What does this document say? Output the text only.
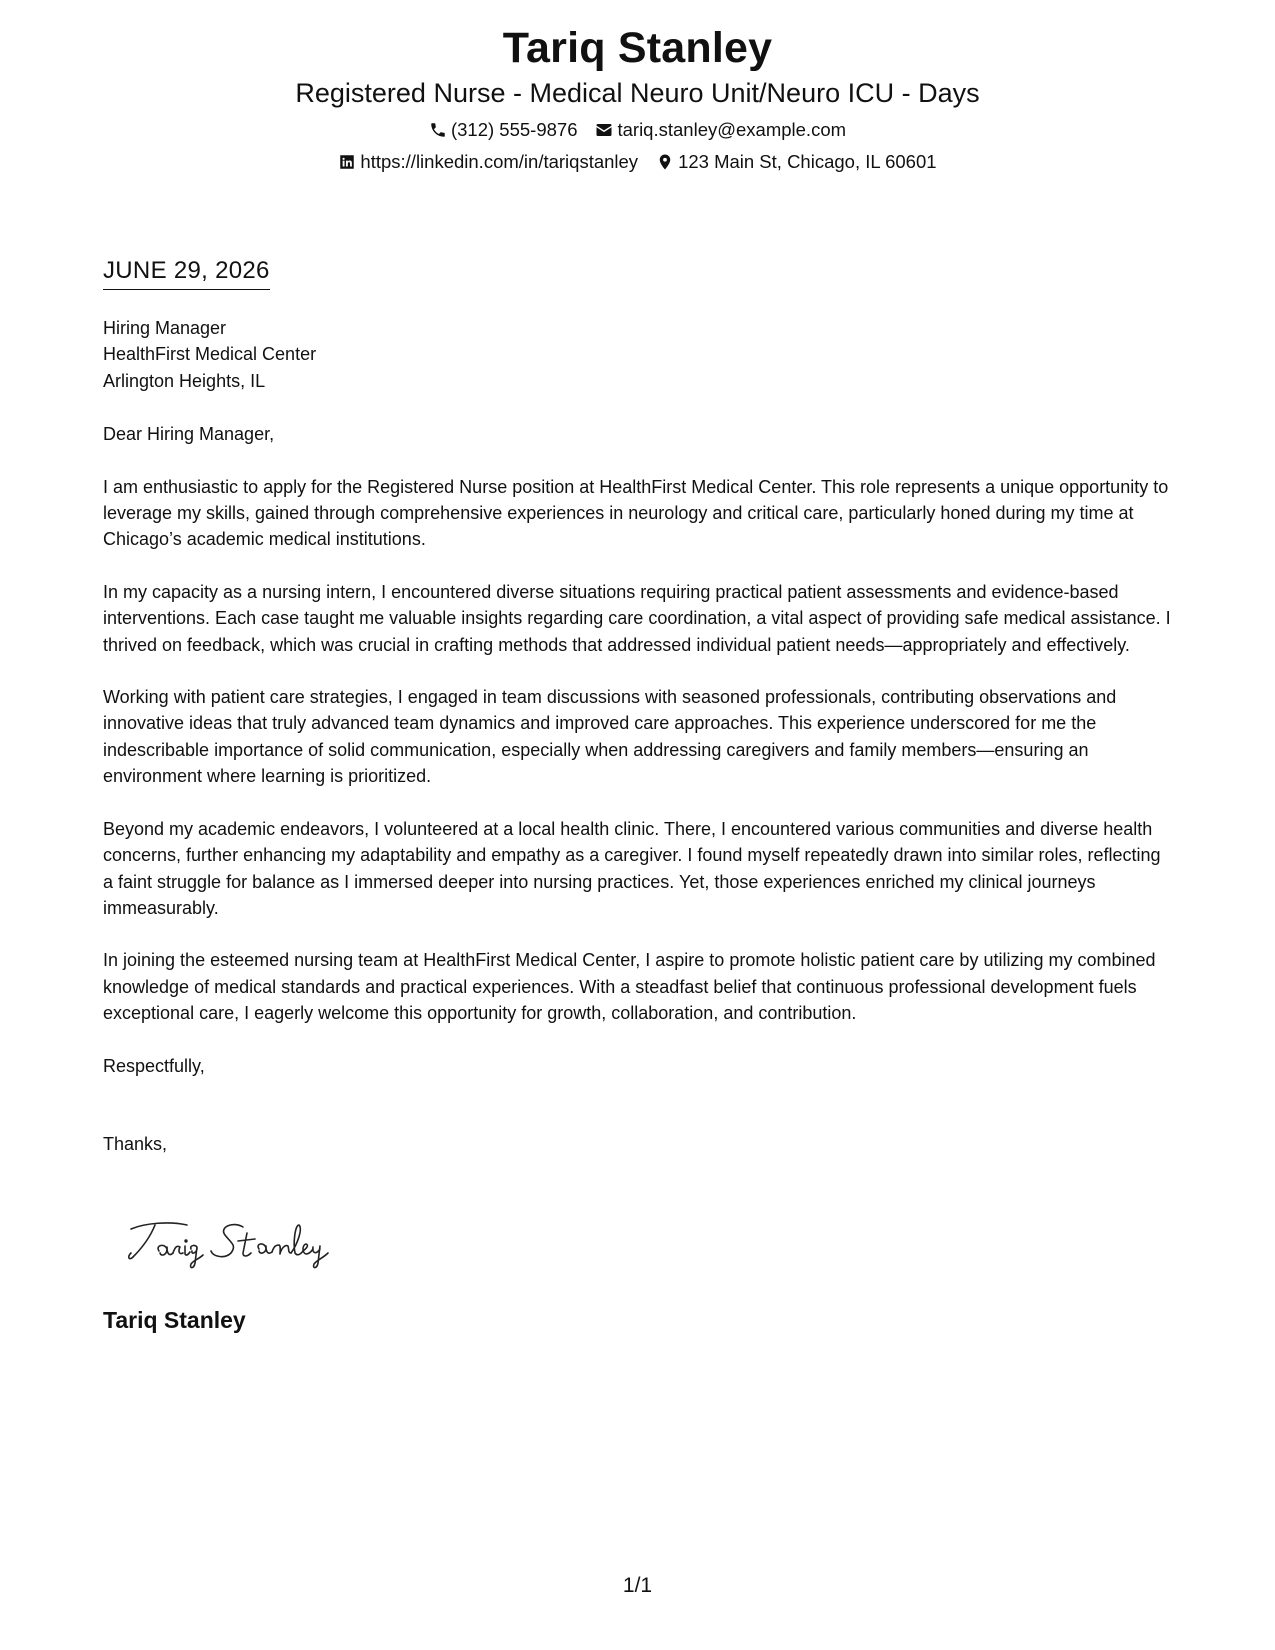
Tariq Stanley
Registered Nurse - Medical Neuro Unit/Neuro ICU - Days
(312) 555-9876 tariq.stanley@example.com
https://linkedin.com/in/tariqstanley 123 Main St, Chicago, IL 60601
JUNE 29, 2026
Hiring Manager
HealthFirst Medical Center
Arlington Heights, IL
Dear Hiring Manager,
I am enthusiastic to apply for the Registered Nurse position at HealthFirst Medical Center. This role represents a unique opportunity to leverage my skills, gained through comprehensive experiences in neurology and critical care, particularly honed during my time at Chicago’s academic medical institutions.
In my capacity as a nursing intern, I encountered diverse situations requiring practical patient assessments and evidence-based interventions. Each case taught me valuable insights regarding care coordination, a vital aspect of providing safe medical assistance. I thrived on feedback, which was crucial in crafting methods that addressed individual patient needs—appropriately and effectively.
Working with patient care strategies, I engaged in team discussions with seasoned professionals, contributing observations and innovative ideas that truly advanced team dynamics and improved care approaches. This experience underscored for me the indescribable importance of solid communication, especially when addressing caregivers and family members—ensuring an environment where learning is prioritized.
Beyond my academic endeavors, I volunteered at a local health clinic. There, I encountered various communities and diverse health concerns, further enhancing my adaptability and empathy as a caregiver. I found myself repeatedly drawn into similar roles, reflecting a faint struggle for balance as I immersed deeper into nursing practices. Yet, those experiences enriched my clinical journeys immeasurably.
In joining the esteemed nursing team at HealthFirst Medical Center, I aspire to promote holistic patient care by utilizing my combined knowledge of medical standards and practical experiences. With a steadfast belief that continuous professional development fuels exceptional care, I eagerly welcome this opportunity for growth, collaboration, and contribution.
Respectfully,
Thanks,
Tariq Stanley
1/1
